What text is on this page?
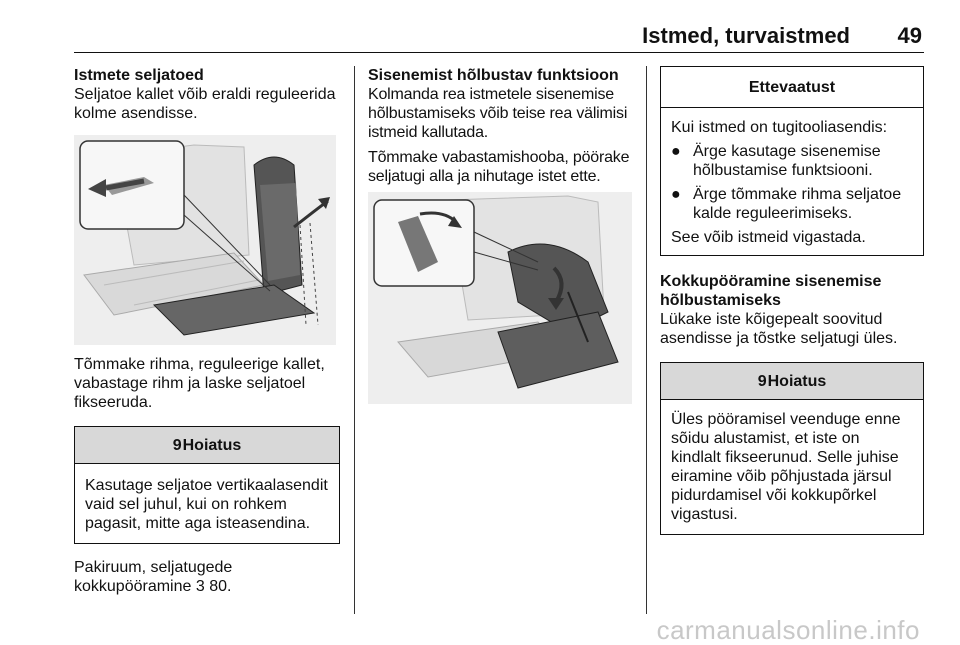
Istmed, turvaistmed 49
Istmete seljatoed

Seljatoe kallet võib eraldi reguleerida kolme asendisse.

Tõmmake rihma, reguleerige kallet, vabastage rihm ja laske seljatoel fikseeruda.

9 Hoiatus
Kasutage seljatoe vertikaalasendit vaid sel juhul, kui on rohkem pagasit, mitte aga isteasendina.
Pakiruum, seljatugede
kokkupööramine 3 80.
Sisenemist hõlbustav funktsioon

Kolmanda rea istmetele sisenemise hõlbustamiseks võib teise rea välimisi istmeid kallutada.

Tõmmake vabastamishooba, pöörake seljatugi alla ja nihutage istet ette.

Ettevaatust
Kui istmed on tugitooliasendis:
● Ärge kasutage sisenemise hõlbustamise funktsiooni.
● Ärge tõmmake rihma seljatoe kalde reguleerimiseks.
See võib istmeid vigastada.
Kokkupööramine sisenemise hõlbustamiseks

Lükake iste kõigepealt soovitud asendisse ja tõstke seljatugi üles.

9 Hoiatus
Üles pööramisel veenduge enne sõidu alustamist, et iste on kindlalt fikseerunud. Selle juhise eiramine võib põhjustada järsul pidurdamisel või kokkupõrkel vigastusi.
carmanualsonline.info
